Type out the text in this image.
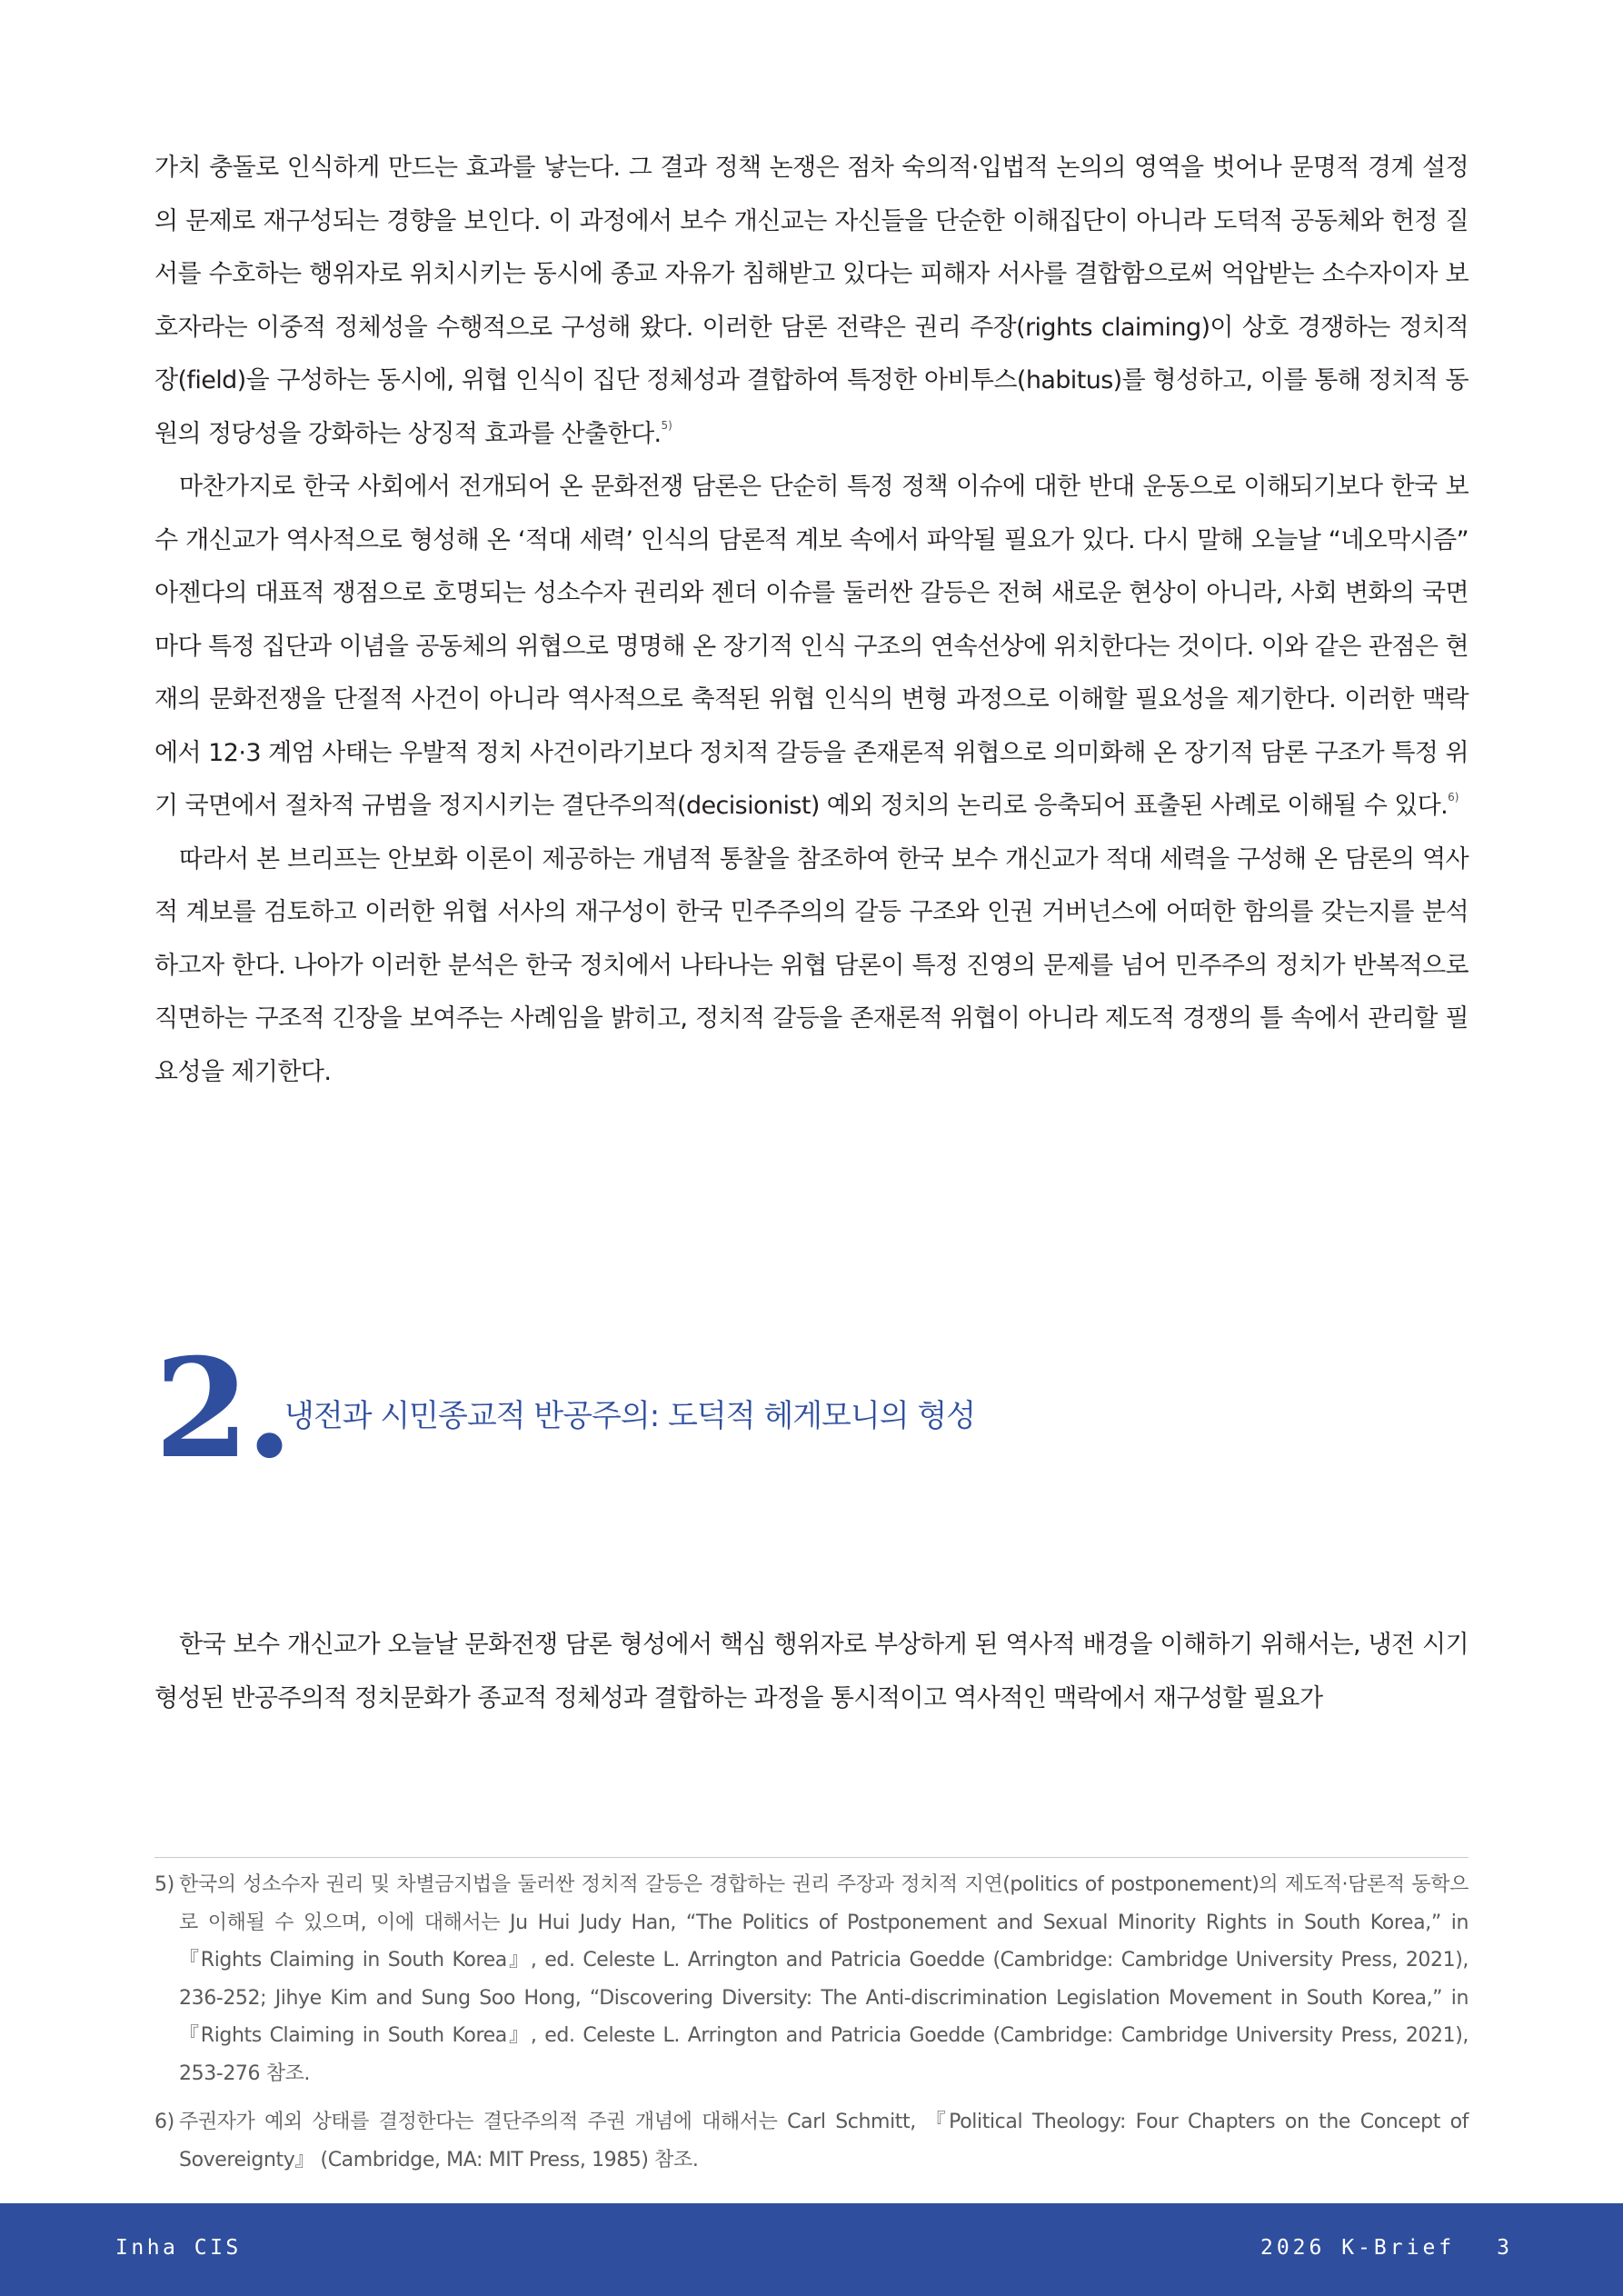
가치 충돌로 인식하게 만드는 효과를 낳는다. 그 결과 정책 논쟁은 점차 숙의적·입법적 논의의 영역을 벗어나 문명적 경계 설정의 문제로 재구성되는 경향을 보인다. 이 과정에서 보수 개신교는 자신들을 단순한 이해집단이 아니라 도덕적 공동체와 헌정 질서를 수호하는 행위자로 위치시키는 동시에 종교 자유가 침해받고 있다는 피해자 서사를 결합함으로써 억압받는 소수자이자 보호자라는 이중적 정체성을 수행적으로 구성해 왔다. 이러한 담론 전략은 권리 주장(rights claiming)이 상호 경쟁하는 정치적 장(field)을 구성하는 동시에, 위협 인식이 집단 정체성과 결합하여 특정한 아비투스(habitus)를 형성하고, 이를 통해 정치적 동원의 정당성을 강화하는 상징적 효과를 산출한다.$^{5)}$

마찬가지로 한국 사회에서 전개되어 온 문화전쟁 담론은 단순히 특정 정책 이슈에 대한 반대 운동으로 이해되기보다 한국 보수 개신교가 역사적으로 형성해 온 ‘적대 세력’ 인식의 담론적 계보 속에서 파악될 필요가 있다. 다시 말해 오늘날 “네오막시즘” 아젠다의 대표적 쟁점으로 호명되는 성소수자 권리와 젠더 이슈를 둘러싼 갈등은 전혀 새로운 현상이 아니라, 사회 변화의 국면마다 특정 집단과 이념을 공동체의 위협으로 명명해 온 장기적 인식 구조의 연속선상에 위치한다는 것이다. 이와 같은 관점은 현재의 문화전쟁을 단절적 사건이 아니라 역사적으로 축적된 위협 인식의 변형 과정으로 이해할 필요성을 제기한다. 이러한 맥락에서 12·3 계엄 사태는 우발적 정치 사건이라기보다 정치적 갈등을 존재론적 위협으로 의미화해 온 장기적 담론 구조가 특정 위기 국면에서 절차적 규범을 정지시키는 결단주의적(decisionist) 예외 정치의 논리로 응축되어 표출된 사례로 이해될 수 있다.$^{6)}$

따라서 본 브리프는 안보화 이론이 제공하는 개념적 통찰을 참조하여 한국 보수 개신교가 적대 세력을 구성해 온 담론의 역사적 계보를 검토하고 이러한 위협 서사의 재구성이 한국 민주주의의 갈등 구조와 인권 거버넌스에 어떠한 함의를 갖는지를 분석하고자 한다. 나아가 이러한 분석은 한국 정치에서 나타나는 위협 담론이 특정 진영의 문제를 넘어 민주주의 정치가 반복적으로 직면하는 구조적 긴장을 보여주는 사례임을 밝히고, 정치적 갈등을 존재론적 위협이 아니라 제도적 경쟁의 틀 속에서 관리할 필요성을 제기한다.

2.
냉전과 시민종교적 반공주의: 도덕적 헤게모니의 형성

한국 보수 개신교가 오늘날 문화전쟁 담론 형성에서 핵심 행위자로 부상하게 된 역사적 배경을 이해하기 위해서는, 냉전 시기 형성된 반공주의적 정치문화가 종교적 정체성과 결합하는 과정을 통시적이고 역사적인 맥락에서 재구성할 필요가

5) 한국의 성소수자 권리 및 차별금지법을 둘러싼 정치적 갈등은 경합하는 권리 주장과 정치적 지연(politics of postponement)의 제도적·담론적 동학으로 이해될 수 있으며, 이에 대해서는 Ju Hui Judy Han, “The Politics of Postponement and Sexual Minority Rights in South Korea,” in 『Rights Claiming in South Korea』, ed. Celeste L. Arrington and Patricia Goedde (Cambridge: Cambridge University Press, 2021), 236-252; Jihye Kim and Sung Soo Hong, “Discovering Diversity: The Anti-discrimination Legislation Movement in South Korea,” in 『Rights Claiming in South Korea』, ed. Celeste L. Arrington and Patricia Goedde (Cambridge: Cambridge University Press, 2021), 253-276 참조.
6) 주권자가 예외 상태를 결정한다는 결단주의적 주권 개념에 대해서는 Carl Schmitt, 『Political Theology: Four Chapters on the Concept of Sovereignty』 (Cambridge, MA: MIT Press, 1985) 참조.
Inha CIS	2026 K-Brief 3
